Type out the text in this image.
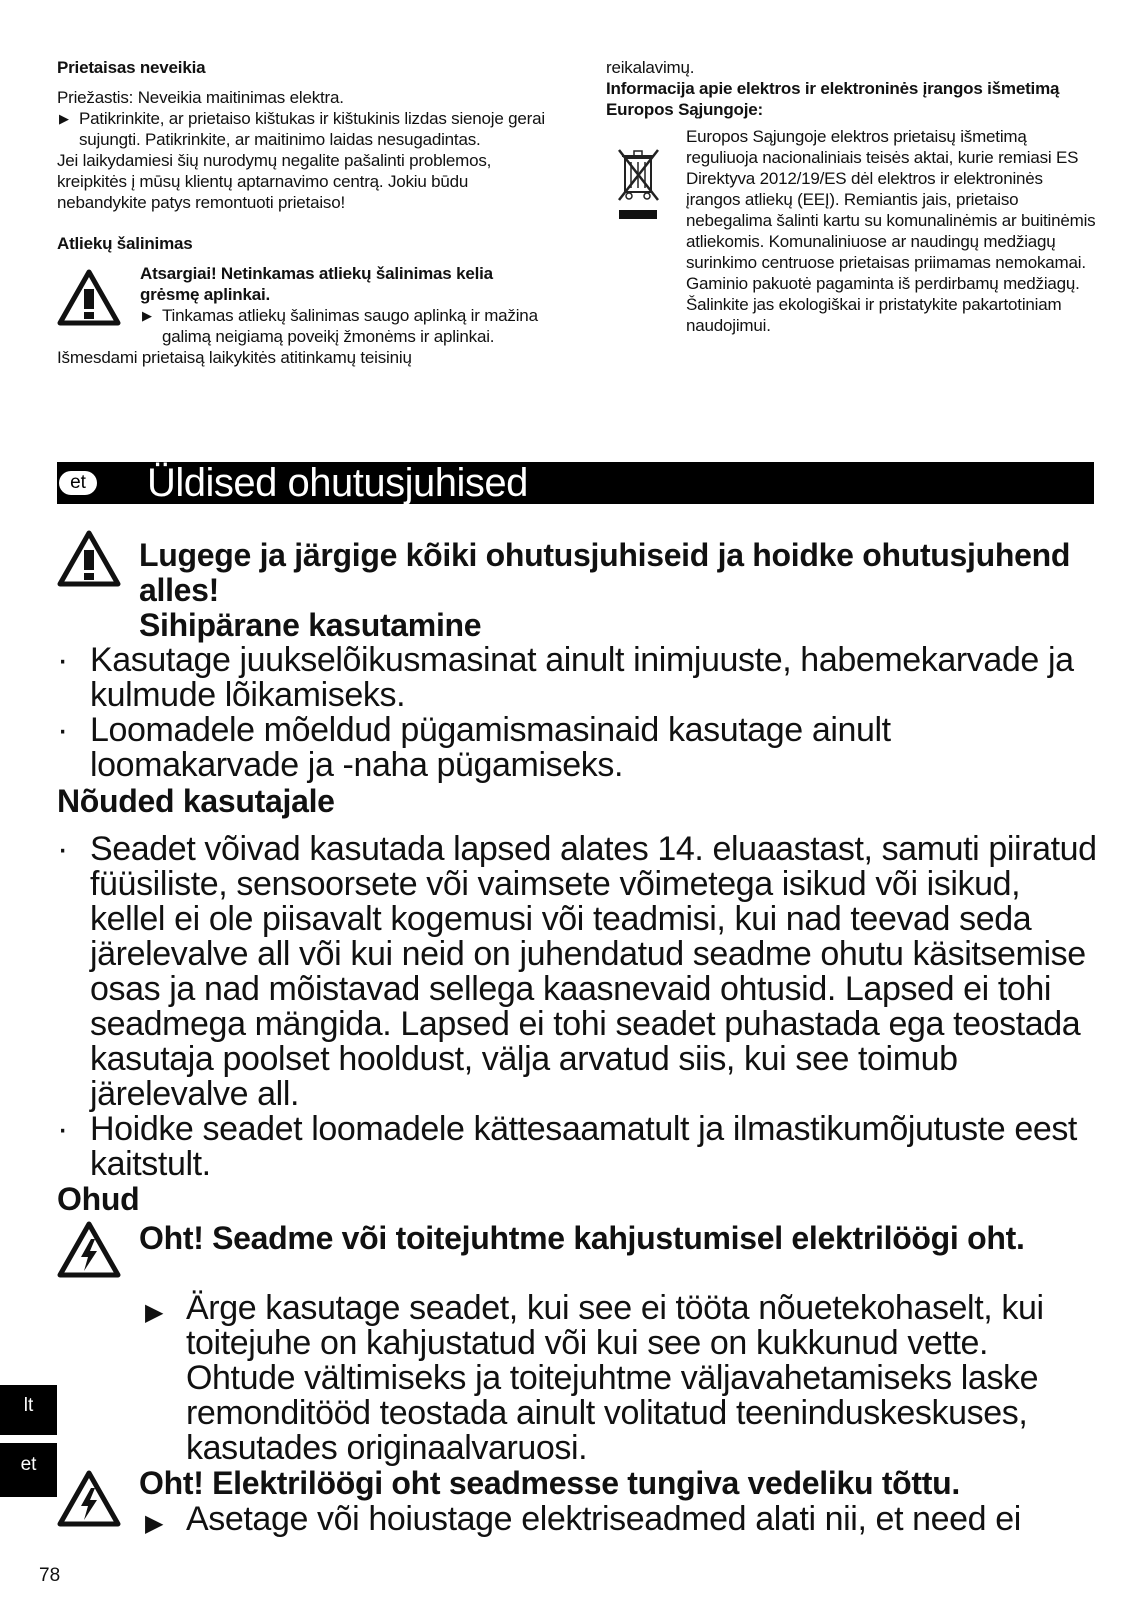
Prietaisas neveikia
Priežastis: Neveikia maitinimas elektra.
▶ Patikrinkite, ar prietaiso kištukas ir kištukinis lizdas sienoje gerai sujungti. Patikrinkite, ar maitinimo laidas nesugadintas.
Jei laikydamiesi šių nurodymų negalite pašalinti problemos, kreipkitės į mūsų klientų aptarnavimo centrą. Jokiu būdu nebandykite patys remontuoti prietaiso!
Atliekų šalinimas
Atsargiai! Netinkamas atliekų šalinimas kelia grėsmę aplinkai.
▶ Tinkamas atliekų šalinimas saugo aplinką ir mažina galimą neigiamą poveikį žmonėms ir aplinkai.
Išmesdami prietaisą laikykitės atitinkamų teisinių
reikalavimų.
Informacija apie elektros ir elektroninės įrangos išmetimą Europos Sąjungoje:
Europos Sąjungoje elektros prietaisų išmetimą reguliuoja nacionaliniais teisės aktai, kurie remiasi ES Direktyva 2012/19/ES dėl elektros ir elektroninės įrangos atliekų (EEĮ). Remiantis jais, prietaiso nebegalima šalinti kartu su komunalinėmis ar buitinėmis atliekomis. Komunaliniuose ar naudingų medžiagų surinkimo centruose prietaisas priimamas nemokamai. Gaminio pakuotė pagaminta iš perdirbamų medžiagų. Šalinkite jas ekologiškai ir pristatykite pakartotiniam naudojimui.
et Üldised ohutusjuhised
Lugege ja järgige kõiki ohutusjuhiseid ja hoidke ohutusjuhend alles!
Sihipärane kasutamine
· Kasutage juukselõikusmasinat ainult inimjuuste, habemekarvade ja kulmude lõikamiseks.
· Loomadele mõeldud pügamismasinaid kasutage ainult loomakarvade ja -naha pügamiseks.
Nõuded kasutajale
· Seadet võivad kasutada lapsed alates 14. eluaastast, samuti piiratud füüsiliste, sensoorsete või vaimsete võimetega isikud või isikud, kellel ei ole piisavalt kogemusi või teadmisi, kui nad teevad seda järelevalve all või kui neid on juhendatud seadme ohutu käsitsemise osas ja nad mõistavad sellega kaasnevaid ohtusid. Lapsed ei tohi seadmega mängida. Lapsed ei tohi seadet puhastada ega teostada kasutaja poolset hooldust, välja arvatud siis, kui see toimub järelevalve all.
· Hoidke seadet loomadele kättesaamatult ja ilmastikumõjutuste eest kaitstult.
Ohud
Oht! Seadme või toitejuhtme kahjustumisel elektrilöögi oht.
▶ Ärge kasutage seadet, kui see ei tööta nõuetekohaselt, kui toitejuhe on kahjustatud või kui see on kukkunud vette. Ohtude vältimiseks ja toitejuhtme väljavahetamiseks laske remonditööd teostada ainult volitatud teeninduskeskuses, kasutades originaalvaruosi.
Oht! Elektrilöögi oht seadmesse tungiva vedeliku tõttu.
▶ Asetage või hoiustage elektriseadmed alati nii, et need ei
lt
et
78
